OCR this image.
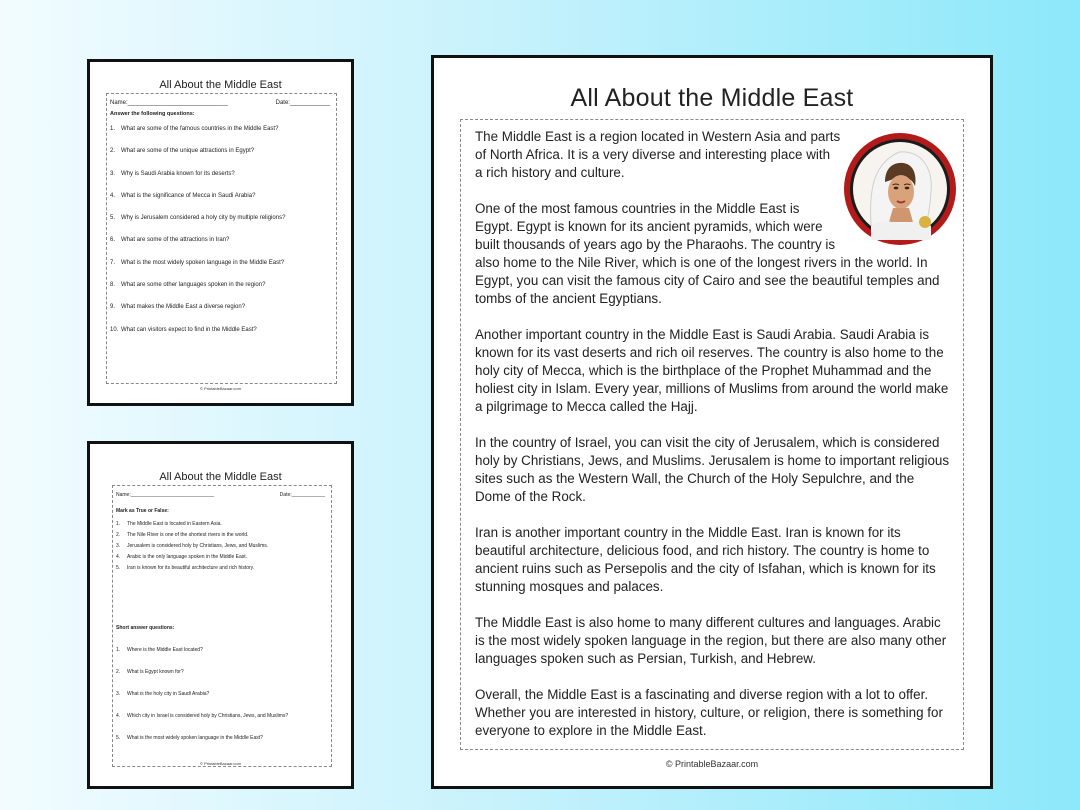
All About the Middle East
Name:______________________________	Date:____________
Answer the following questions:
1. What are some of the famous countries in the Middle East?
2. What are some of the unique attractions in Egypt?
3. Why is Saudi Arabia known for its deserts?
4. What is the significance of Mecca in Saudi Arabia?
5. Why is Jerusalem considered a holy city by multiple religions?
6. What are some of the attractions in Iran?
7. What is the most widely spoken language in the Middle East?
8. What are some other languages spoken in the region?
9. What makes the Middle East a diverse region?
10. What can visitors expect to find in the Middle East?
© PrintableBazaar.com
All About the Middle East
Name:______________________________	Date:____________
Mark as True or False:
1.	The Middle East is located in Eastern Asia.
2.	The Nile River is one of the shortest rivers in the world.
3.	Jerusalem is considered holy by Christians, Jews, and Muslims.
4.	Arabic is the only language spoken in the Middle East.
5.	Iran is known for its beautiful architecture and rich history.
Short answer questions:
1.	Where is the Middle East located?
2.	What is Egypt known for?
3.	What is the holy city in Saudi Arabia?
4.	Which city in Israel is considered holy by Christians, Jews, and Muslims?
5.	What is the most widely spoken language in the Middle East?
© PrintableBazaar.com
All About the Middle East

The Middle East is a region located in Western Asia and parts of North Africa. It is a very diverse and interesting place with a rich history and culture.

One of the most famous countries in the Middle East is Egypt. Egypt is known for its ancient pyramids, which were built thousands of years ago by the Pharaohs. The country is also home to the Nile River, which is one of the longest rivers in the world. In Egypt, you can visit the famous city of Cairo and see the beautiful temples and tombs of the ancient Egyptians.

Another important country in the Middle East is Saudi Arabia. Saudi Arabia is known for its vast deserts and rich oil reserves. The country is also home to the holy city of Mecca, which is the birthplace of the Prophet Muhammad and the holiest city in Islam. Every year, millions of Muslims from around the world make a pilgrimage to Mecca called the Hajj.

In the country of Israel, you can visit the city of Jerusalem, which is considered holy by Christians, Jews, and Muslims. Jerusalem is home to important religious sites such as the Western Wall, the Church of the Holy Sepulchre, and the Dome of the Rock.

Iran is another important country in the Middle East. Iran is known for its beautiful architecture, delicious food, and rich history. The country is home to ancient ruins such as Persepolis and the city of Isfahan, which is known for its stunning mosques and palaces.

The Middle East is also home to many different cultures and languages. Arabic is the most widely spoken language in the region, but there are also many other languages spoken such as Persian, Turkish, and Hebrew.

Overall, the Middle East is a fascinating and diverse region with a lot to offer. Whether you are interested in history, culture, or religion, there is something for everyone to explore in the Middle East.

© PrintableBazaar.com
